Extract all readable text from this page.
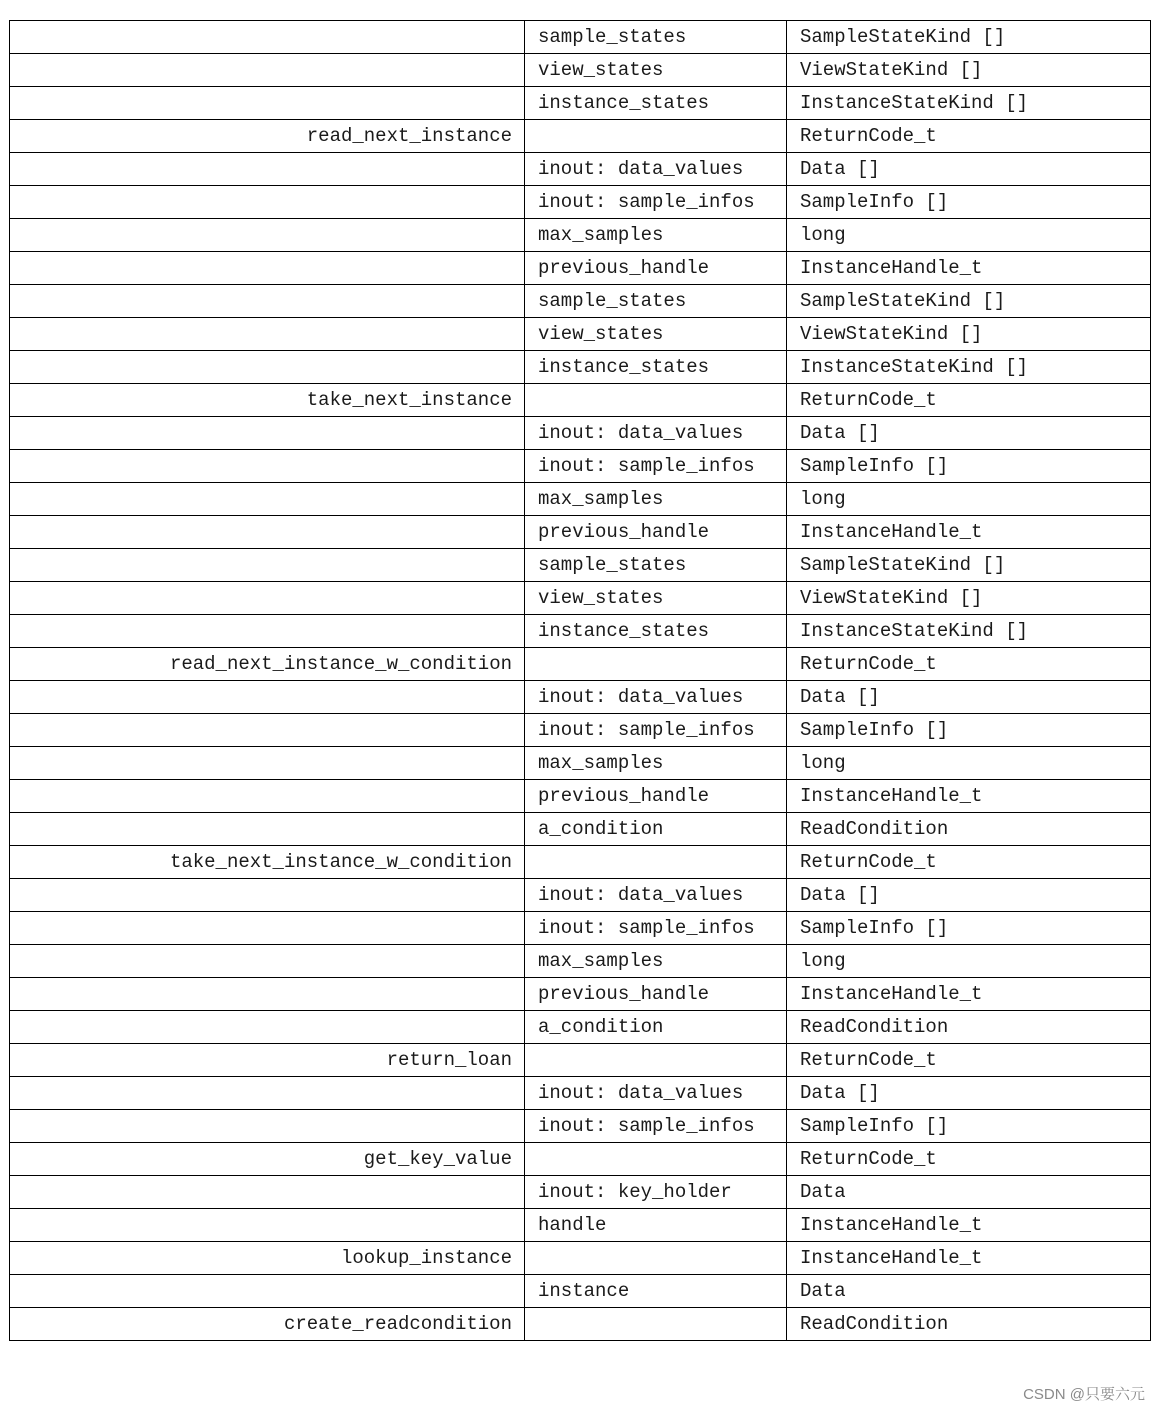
	sample_states	SampleStateKind []
	view_states	ViewStateKind []
	instance_states	InstanceStateKind []
read_next_instance		ReturnCode_t
	inout: data_values	Data []
	inout: sample_infos	SampleInfo []
	max_samples	long
	previous_handle	InstanceHandle_t
	sample_states	SampleStateKind []
	view_states	ViewStateKind []
	instance_states	InstanceStateKind []
take_next_instance		ReturnCode_t
	inout: data_values	Data []
	inout: sample_infos	SampleInfo []
	max_samples	long
	previous_handle	InstanceHandle_t
	sample_states	SampleStateKind []
	view_states	ViewStateKind []
	instance_states	InstanceStateKind []
read_next_instance_w_condition		ReturnCode_t
	inout: data_values	Data []
	inout: sample_infos	SampleInfo []
	max_samples	long
	previous_handle	InstanceHandle_t
	a_condition	ReadCondition
take_next_instance_w_condition		ReturnCode_t
	inout: data_values	Data []
	inout: sample_infos	SampleInfo []
	max_samples	long
	previous_handle	InstanceHandle_t
	a_condition	ReadCondition
return_loan		ReturnCode_t
	inout: data_values	Data []
	inout: sample_infos	SampleInfo []
get_key_value		ReturnCode_t
	inout: key_holder	Data
	handle	InstanceHandle_t
lookup_instance		InstanceHandle_t
	instance	Data
create_readcondition		ReadCondition
CSDN @只要六元
